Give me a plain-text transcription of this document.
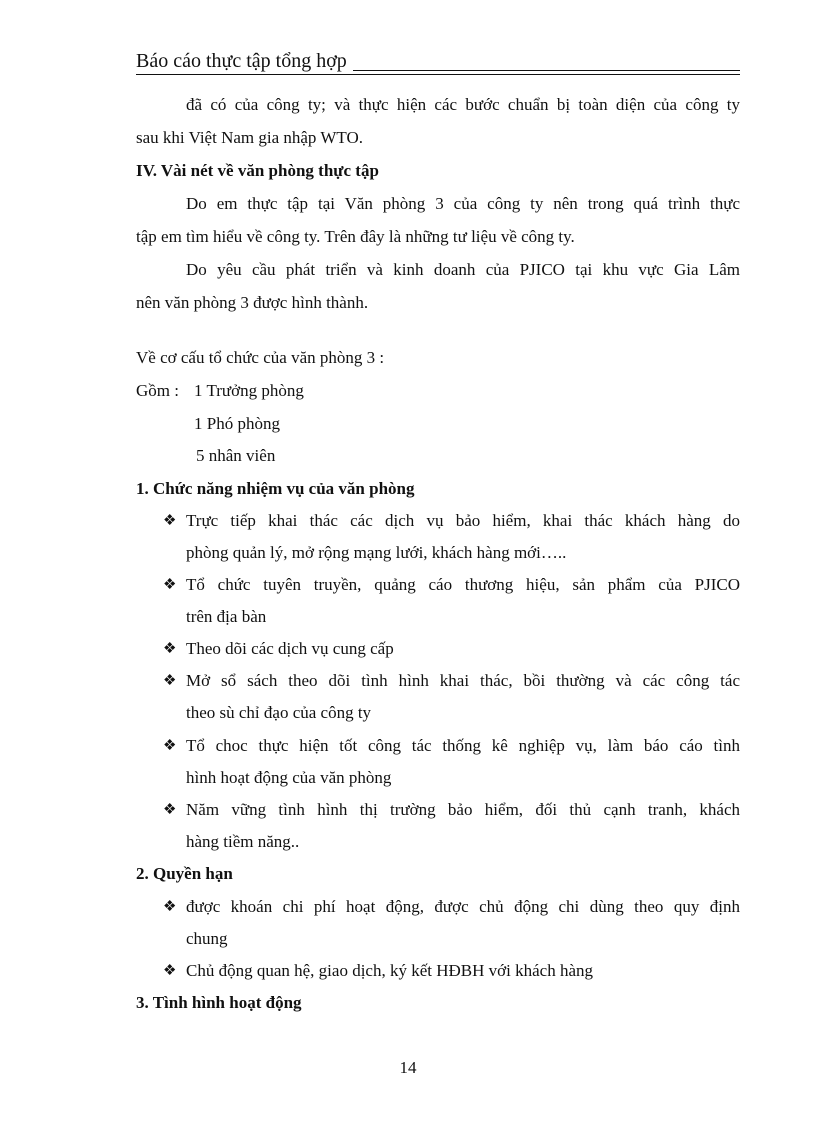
Báo cáo thực tập tổng hợp
đã có của công ty; và thực hiện các bước chuẩn bị toàn diện của công ty
sau khi Việt Nam gia nhập WTO.
IV. Vài nét về văn phòng thực tập
Do em thực tập tại Văn phòng 3 của công ty nên trong quá trình thực
tập em tìm hiểu về công ty. Trên đây là những tư liệu về công ty.
Do yêu cầu phát triển và kinh doanh của PJICO tại khu vực Gia Lâm
nên văn phòng 3 được hình thành.
Về cơ cấu tổ chức của văn phòng 3 :
Gồm : 1 Trưởng phòng
1 Phó phòng
5 nhân viên
1. Chức năng nhiệm vụ của văn phòng
❖ Trực tiếp khai thác các dịch vụ bảo hiểm, khai thác khách hàng do
phòng quản lý, mở rộng mạng lưới, khách hàng mới…..
❖ Tổ chức tuyên truyền, quảng cáo thương hiệu, sản phẩm của PJICO
trên địa bàn
❖ Theo dõi các dịch vụ cung cấp
❖ Mở sổ sách theo dõi tình hình khai thác, bồi thường và các công tác
theo sù chỉ đạo của công ty
❖ Tổ choc thực hiện tốt công tác thống kê nghiệp vụ, làm báo cáo tình
hình hoạt động của văn phòng
❖ Năm vững tình hình thị trường bảo hiểm, đối thủ cạnh tranh, khách
hàng tiềm năng..
2. Quyền hạn
❖ được khoán chi phí hoạt động, được chủ động chi dùng theo quy định
chung
❖ Chủ động quan hệ, giao dịch, ký kết HĐBH với khách hàng
3. Tình hình hoạt động
14
